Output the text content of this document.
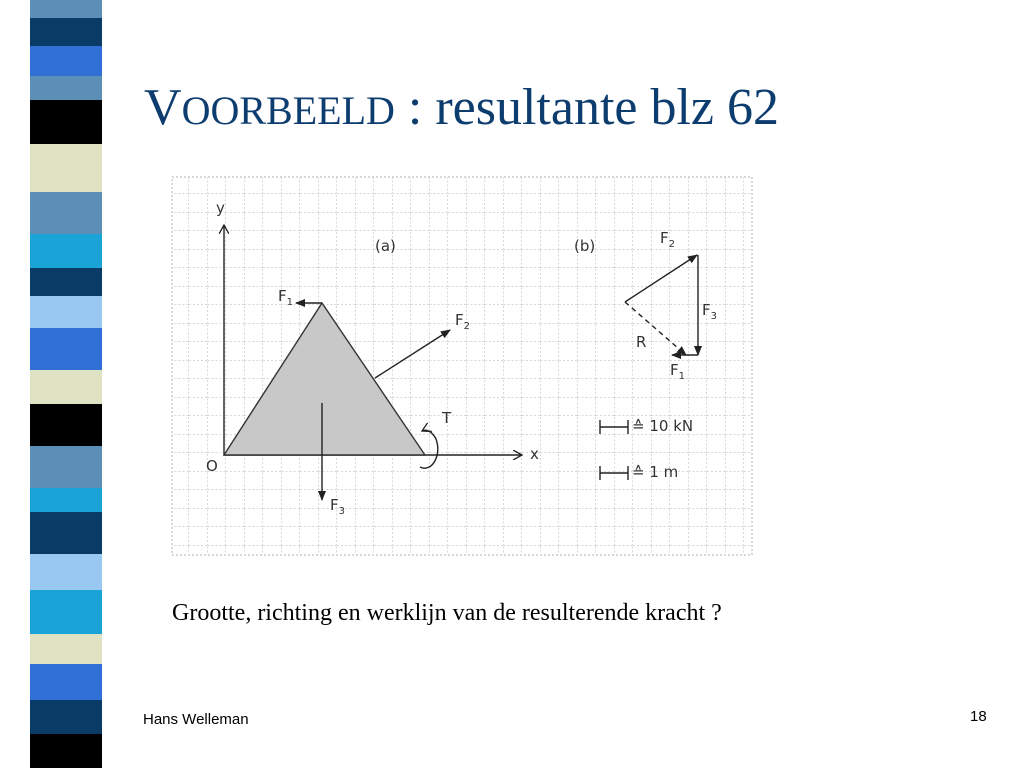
VOORBEELD : resultante blz 62
y
x
O
(a)
$F_1$
$F_2$
$F_3$
T
(b)	$F_2$
$F_3$
$F_1$
R
≙ 10 kN
≙ 1 m
Grootte, richting en werklijn van de resulterende kracht ?
Hans Welleman	18
